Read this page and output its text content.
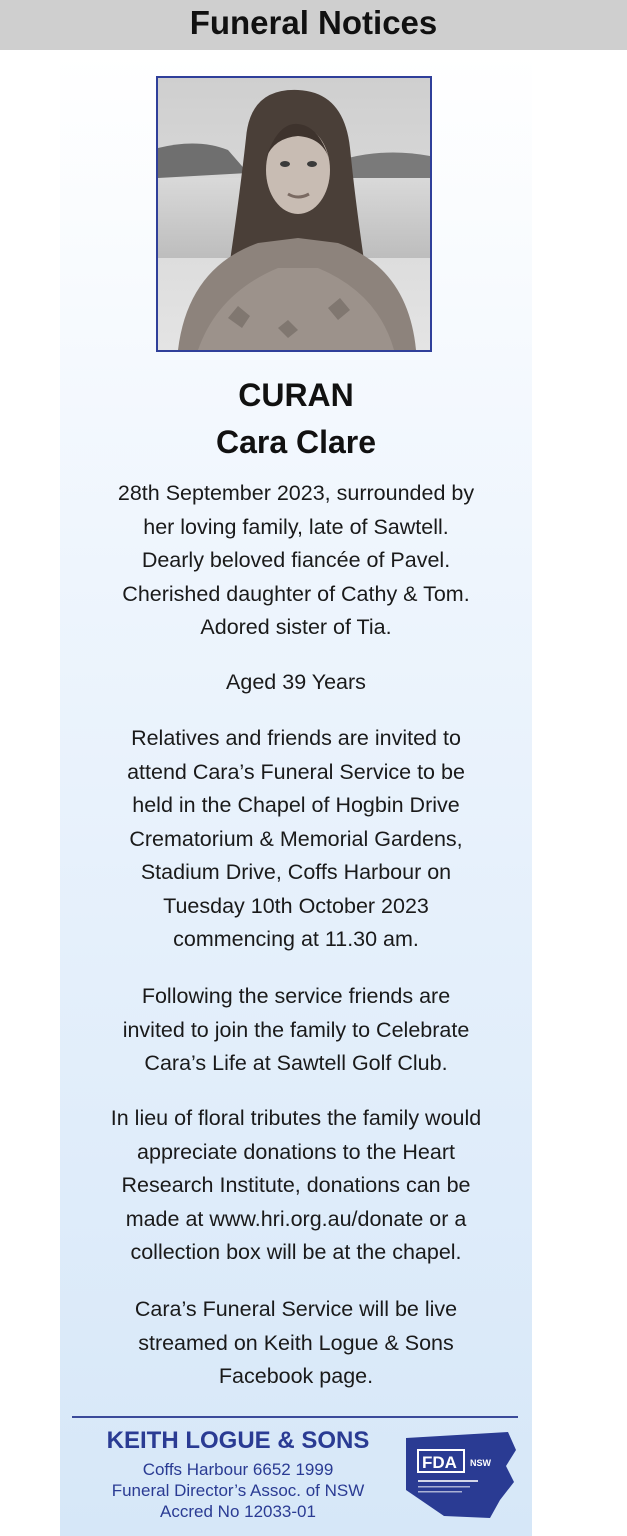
Funeral Notices
CURAN
Cara Clare
28th September 2023, surrounded by
her loving family, late of Sawtell.
Dearly beloved fiancée of Pavel.
Cherished daughter of Cathy & Tom.
Adored sister of Tia.
Aged 39 Years
Relatives and friends are invited to
attend Cara’s Funeral Service to be
held in the Chapel of Hogbin Drive
Crematorium & Memorial Gardens,
Stadium Drive, Coffs Harbour on
Tuesday 10th October 2023
commencing at 11.30 am.
Following the service friends are
invited to join the family to Celebrate
Cara’s Life at Sawtell Golf Club.
In lieu of floral tributes the family would
appreciate donations to the Heart
Research Institute, donations can be
made at www.hri.org.au/donate or a
collection box will be at the chapel.
Cara’s Funeral Service will be live
streamed on Keith Logue & Sons
Facebook page.
KEITH LOGUE & SONS
Coffs Harbour 6652 1999
Funeral Director’s Assoc. of NSW
Accred No 12033-01
FDA NSW
